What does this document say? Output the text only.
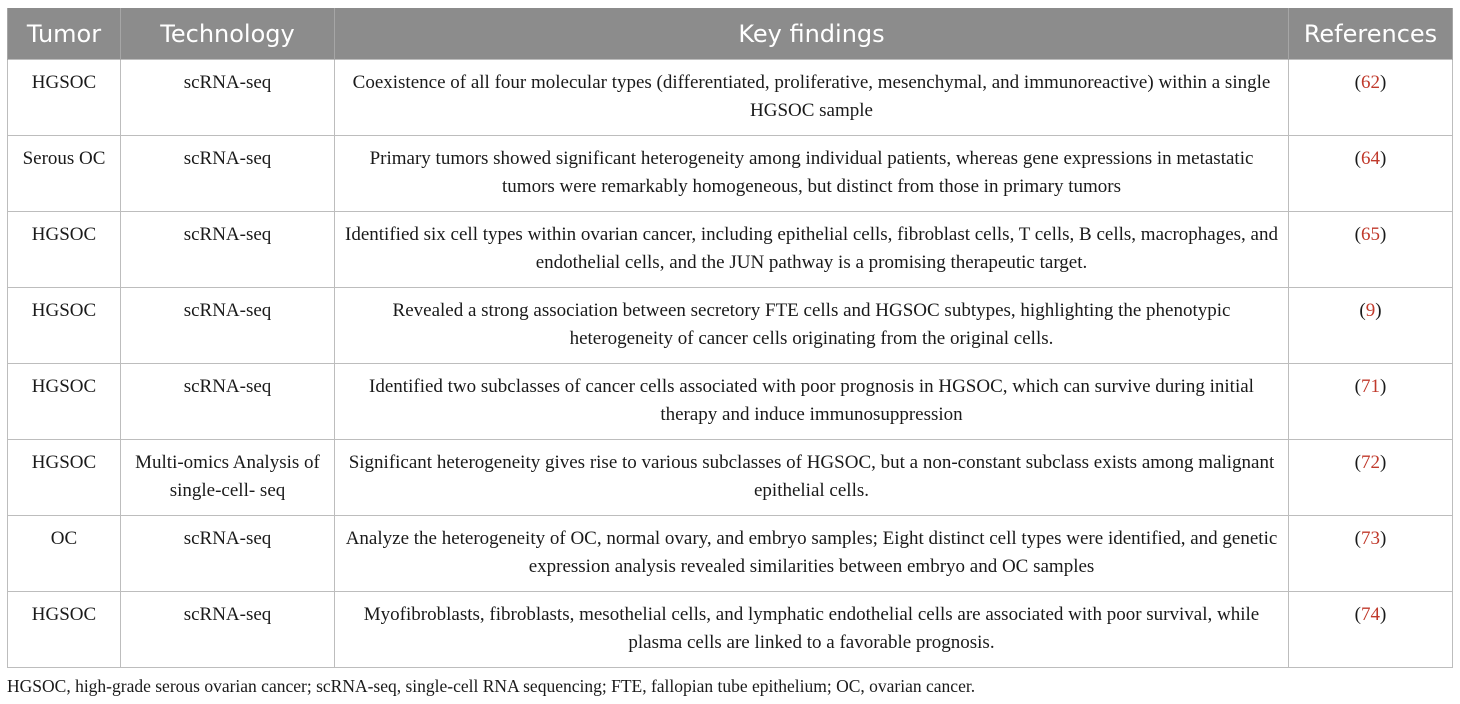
Tumor	Technology	Key findings	References
HGSOC	scRNA-seq	Coexistence of all four molecular types (differentiated, proliferative, mesenchymal, and immunoreactive) within a single HGSOC sample	(62)
Serous OC	scRNA-seq	Primary tumors showed significant heterogeneity among individual patients, whereas gene expressions in metastatic tumors were remarkably homogeneous, but distinct from those in primary tumors	(64)
HGSOC	scRNA-seq	Identified six cell types within ovarian cancer, including epithelial cells, fibroblast cells, T cells, B cells, macrophages, and endothelial cells, and the JUN pathway is a promising therapeutic target.	(65)
HGSOC	scRNA-seq	Revealed a strong association between secretory FTE cells and HGSOC subtypes, highlighting the phenotypic heterogeneity of cancer cells originating from the original cells.	(9)
HGSOC	scRNA-seq	Identified two subclasses of cancer cells associated with poor prognosis in HGSOC, which can survive during initial therapy and induce immunosuppression	(71)
HGSOC	Multi-omics Analysis of single-cell- seq	Significant heterogeneity gives rise to various subclasses of HGSOC, but a non-constant subclass exists among malignant epithelial cells.	(72)
OC	scRNA-seq	Analyze the heterogeneity of OC, normal ovary, and embryo samples; Eight distinct cell types were identified, and genetic expression analysis revealed similarities between embryo and OC samples	(73)
HGSOC	scRNA-seq	Myofibroblasts, fibroblasts, mesothelial cells, and lymphatic endothelial cells are associated with poor survival, while plasma cells are linked to a favorable prognosis.	(74)
HGSOC, high-grade serous ovarian cancer; scRNA-seq, single-cell RNA sequencing; FTE, fallopian tube epithelium; OC, ovarian cancer.
